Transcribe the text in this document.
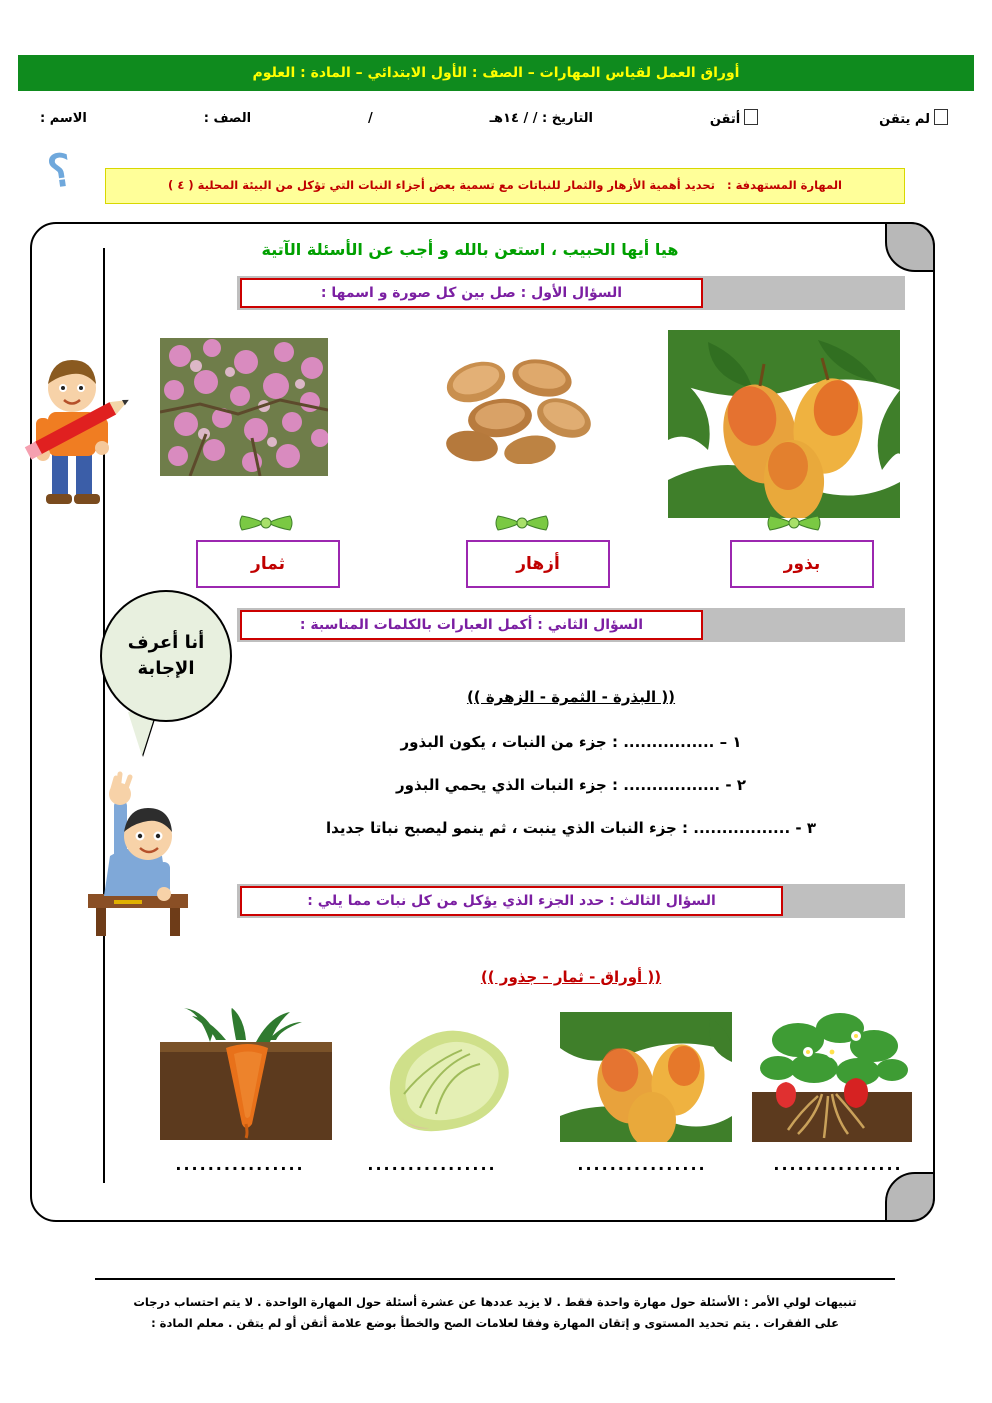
أوراق العمل لقياس المهارات – الصف : الأول الابتدائي – المادة : العلوم
الاسم :	الصف :	/	التاريخ : / / ١٤هـ	أتقن	لم يتقن
؟	المهارة المستهدفة :   تحديد أهمية الأزهار والثمار للنباتات مع تسمية بعض أجزاء النبات التي تؤكل من البيئة المحلية ( ٤ )
هيا أيها الحبيب ، استعن بالله و أجب عن الأسئلة الآتية
السؤال الأول : صل بين كل صورة و اسمها :
ثمار	أزهار	بذور
أنا أعرف
الإجابة
السؤال الثاني : أكمل العبارات بالكلمات المناسبة :
(( البذرة - الثمرة - الزهرة ))
١ – ................ : جزء من النبات ، يكون البذور
٢ - ................. : جزء النبات الذي يحمي البذور
٣ - ................. : جزء النبات الذي ينبت ، ثم ينمو ليصبح نباتا جديدا
السؤال الثالث : حدد الجزء الذي يؤكل من كل نبات مما يلي :
(( أوراق - ثمار - جذور ))
................	................	................	................
تنبيهات لولي الأمر : الأسئلة حول مهارة واحدة فقط . لا يزيد عددها عن عشرة أسئلة حول المهارة الواحدة . لا يتم احتساب درجات
على الفقرات . يتم تحديد المستوى و إتقان المهارة وفقا لعلامات الصح والخطأ بوضع علامة أتقن أو لم يتقن . معلم المادة :
